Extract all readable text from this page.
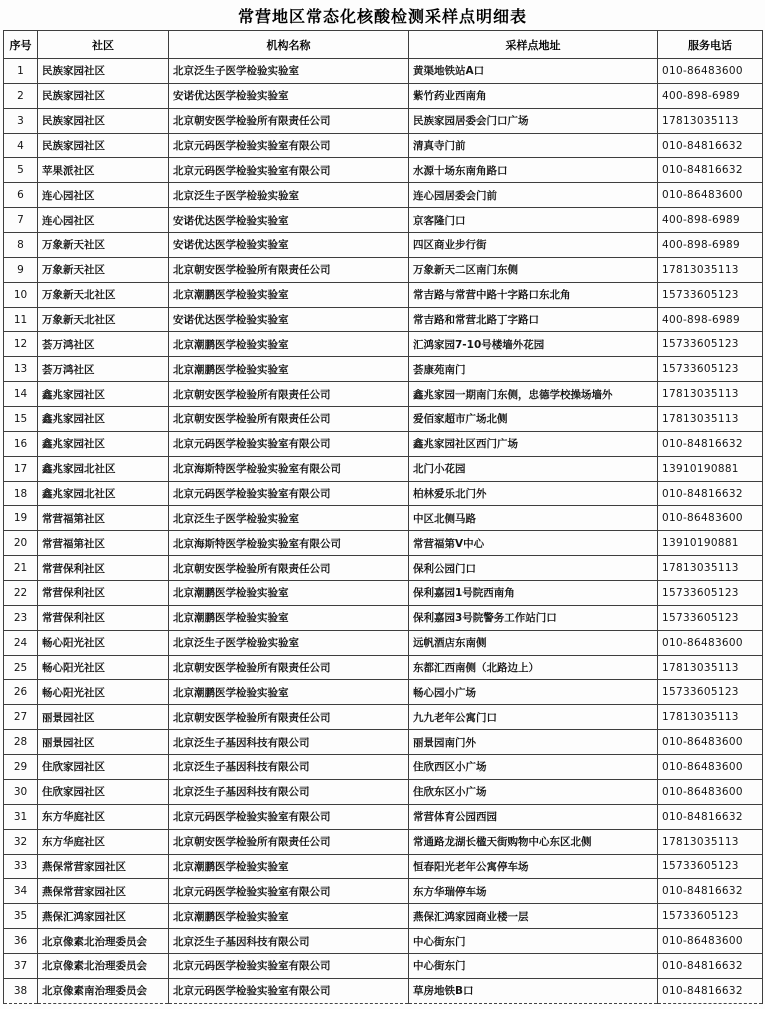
常营地区常态化核酸检测采样点明细表
序号	社区	机构名称	采样点地址	服务电话
1	民族家园社区	北京泛生子医学检验实验室	黄渠地铁站A口	010-86483600
2	民族家园社区	安诺优达医学检验实验室	紫竹药业西南角	400-898-6989
3	民族家园社区	北京朝安医学检验所有限责任公司	民族家园居委会门口广场	17813035113
4	民族家园社区	北京元码医学检验实验室有限公司	清真寺门前	010-84816632
5	苹果派社区	北京元码医学检验实验室有限公司	水源十场东南角路口	010-84816632
6	连心园社区	北京泛生子医学检验实验室	连心园居委会门前	010-86483600
7	连心园社区	安诺优达医学检验实验室	京客隆门口	400-898-6989
8	万象新天社区	安诺优达医学检验实验室	四区商业步行街	400-898-6989
9	万象新天社区	北京朝安医学检验所有限责任公司	万象新天二区南门东侧	17813035113
10	万象新天北社区	北京潮鹏医学检验实验室	常吉路与常营中路十字路口东北角	15733605123
11	万象新天北社区	安诺优达医学检验实验室	常吉路和常营北路丁字路口	400-898-6989
12	荟万鸿社区	北京潮鹏医学检验实验室	汇鸿家园7-10号楼墙外花园	15733605123
13	荟万鸿社区	北京潮鹏医学检验实验室	荟康苑南门	15733605123
14	鑫兆家园社区	北京朝安医学检验所有限责任公司	鑫兆家园一期南门东侧，忠德学校操场墙外	17813035113
15	鑫兆家园社区	北京朝安医学检验所有限责任公司	爱佰家超市广场北侧	17813035113
16	鑫兆家园社区	北京元码医学检验实验室有限公司	鑫兆家园社区西门广场	010-84816632
17	鑫兆家园北社区	北京海斯特医学检验实验室有限公司	北门小花园	13910190881
18	鑫兆家园北社区	北京元码医学检验实验室有限公司	柏林爱乐北门外	010-84816632
19	常营福第社区	北京泛生子医学检验实验室	中区北侧马路	010-86483600
20	常营福第社区	北京海斯特医学检验实验室有限公司	常营福第V中心	13910190881
21	常营保利社区	北京朝安医学检验所有限责任公司	保利公园门口	17813035113
22	常营保利社区	北京潮鹏医学检验实验室	保利嘉园1号院西南角	15733605123
23	常营保利社区	北京潮鹏医学检验实验室	保利嘉园3号院警务工作站门口	15733605123
24	畅心阳光社区	北京泛生子医学检验实验室	远帆酒店东南侧	010-86483600
25	畅心阳光社区	北京朝安医学检验所有限责任公司	东都汇西南侧（北路边上）	17813035113
26	畅心阳光社区	北京潮鹏医学检验实验室	畅心园小广场	15733605123
27	丽景园社区	北京朝安医学检验所有限责任公司	九九老年公寓门口	17813035113
28	丽景园社区	北京泛生子基因科技有限公司	丽景园南门外	010-86483600
29	住欣家园社区	北京泛生子基因科技有限公司	住欣西区小广场	010-86483600
30	住欣家园社区	北京泛生子基因科技有限公司	住欣东区小广场	010-86483600
31	东方华庭社区	北京元码医学检验实验室有限公司	常营体育公园西园	010-84816632
32	东方华庭社区	北京朝安医学检验所有限责任公司	常通路龙湖长楹天街购物中心东区北侧	17813035113
33	燕保常营家园社区	北京潮鹏医学检验实验室	恒春阳光老年公寓停车场	15733605123
34	燕保常营家园社区	北京元码医学检验实验室有限公司	东方华瑞停车场	010-84816632
35	燕保汇鸿家园社区	北京潮鹏医学检验实验室	燕保汇鸿家园商业楼一层	15733605123
36	北京像素北治理委员会	北京泛生子基因科技有限公司	中心街东门	010-86483600
37	北京像素北治理委员会	北京元码医学检验实验室有限公司	中心街东门	010-84816632
38	北京像素南治理委员会	北京元码医学检验实验室有限公司	草房地铁B口	010-84816632
